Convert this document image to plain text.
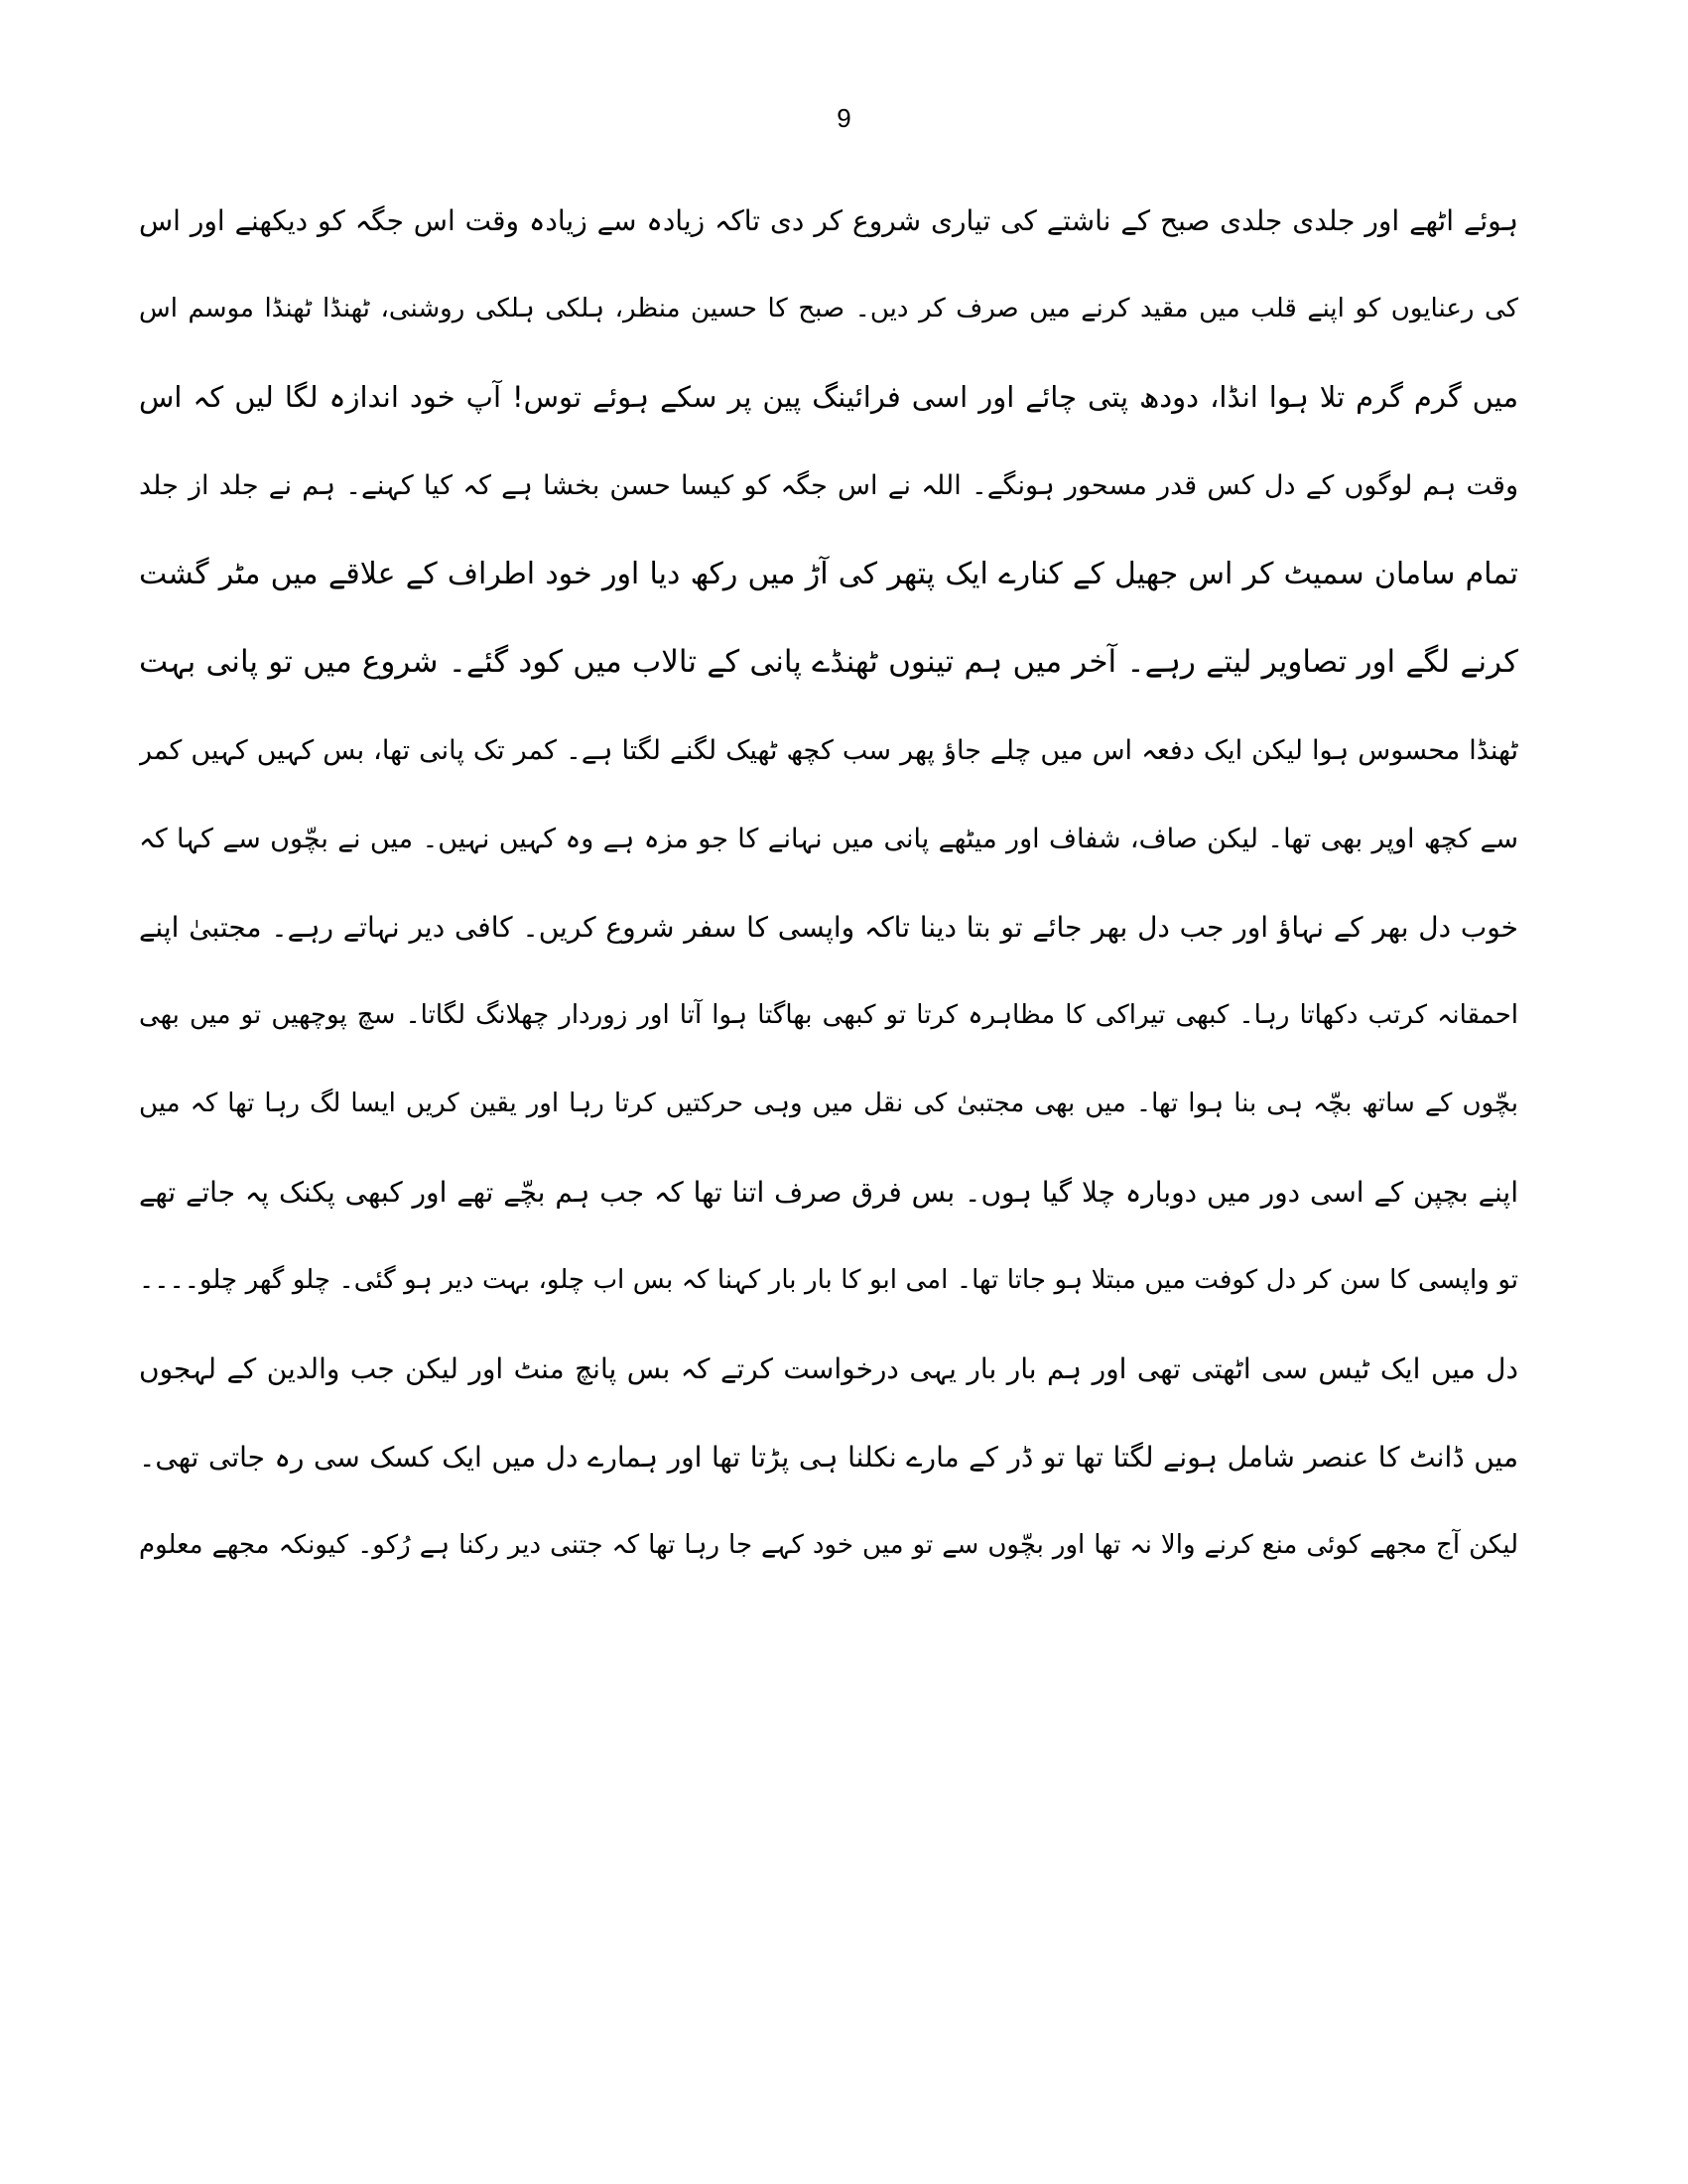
9
ہوئے اٹھے اور جلدی جلدی صبح کے ناشتے کی تیاری شروع کر دی تاکہ زیادہ سے زیادہ وقت اس جگہ کو دیکھنے اور اس
کی رعنایوں کو اپنے قلب میں مقید کرنے میں صرف کر دیں۔ صبح کا حسین منظر، ہلکی ہلکی روشنی، ٹھنڈا ٹھنڈا موسم اس
میں گرم گرم تلا ہوا انڈا، دودھ پتی چائے اور اسی فرائینگ پین پر سکے ہوئے توس! آپ خود اندازہ لگا لیں کہ اس
وقت ہم لوگوں کے دل کس قدر مسحور ہونگے۔ اللہ نے اس جگہ کو کیسا حسن بخشا ہے کہ کیا کہنے۔ ہم نے جلد از جلد
تمام سامان سمیٹ کر اس جھیل کے کنارے ایک پتھر کی آڑ میں رکھ دیا اور خود اطراف کے علاقے میں مٹر گشت
کرنے لگے اور تصاویر لیتے رہے۔ آخر میں ہم تینوں ٹھنڈے پانی کے تالاب میں کود گئے۔ شروع میں تو پانی بہت
ٹھنڈا محسوس ہوا لیکن ایک دفعہ اس میں چلے جاؤ پھر سب کچھ ٹھیک لگنے لگتا ہے۔ کمر تک پانی تھا، بس کہیں کہیں کمر
سے کچھ اوپر بھی تھا۔ لیکن صاف، شفاف اور میٹھے پانی میں نہانے کا جو مزہ ہے وہ کہیں نہیں۔ میں نے بچّوں سے کہا کہ
خوب دل بھر کے نہاؤ اور جب دل بھر جائے تو بتا دینا تاکہ واپسی کا سفر شروع کریں۔ کافی دیر نہاتے رہے۔ مجتبیٰ اپنے
احمقانہ کرتب دکھاتا رہا۔ کبھی تیراکی کا مظاہرہ کرتا تو کبھی بھاگتا ہوا آتا اور زوردار چھلانگ لگاتا۔ سچ پوچھیں تو میں بھی
بچّوں کے ساتھ بچّہ ہی بنا ہوا تھا۔ میں بھی مجتبیٰ کی نقل میں وہی حرکتیں کرتا رہا اور یقین کریں ایسا لگ رہا تھا کہ میں
اپنے بچپن کے اسی دور میں دوبارہ چلا گیا ہوں۔ بس فرق صرف اتنا تھا کہ جب ہم بچّے تھے اور کبھی پکنک پہ جاتے تھے
تو واپسی کا سن کر دل کوفت میں مبتلا ہو جاتا تھا۔ امی ابو کا بار بار کہنا کہ بس اب چلو، بہت دیر ہو گئی۔ چلو گھر چلو۔۔۔۔
دل میں ایک ٹیس سی اٹھتی تھی اور ہم بار بار یہی درخواست کرتے کہ بس پانچ منٹ اور لیکن جب والدین کے لہجوں
میں ڈانٹ کا عنصر شامل ہونے لگتا تھا تو ڈر کے مارے نکلنا ہی پڑتا تھا اور ہمارے دل میں ایک کسک سی رہ جاتی تھی۔
لیکن آج مجھے کوئی منع کرنے والا نہ تھا اور بچّوں سے تو میں خود کہے جا رہا تھا کہ جتنی دیر رکنا ہے رُکو۔ کیونکہ مجھے معلوم
